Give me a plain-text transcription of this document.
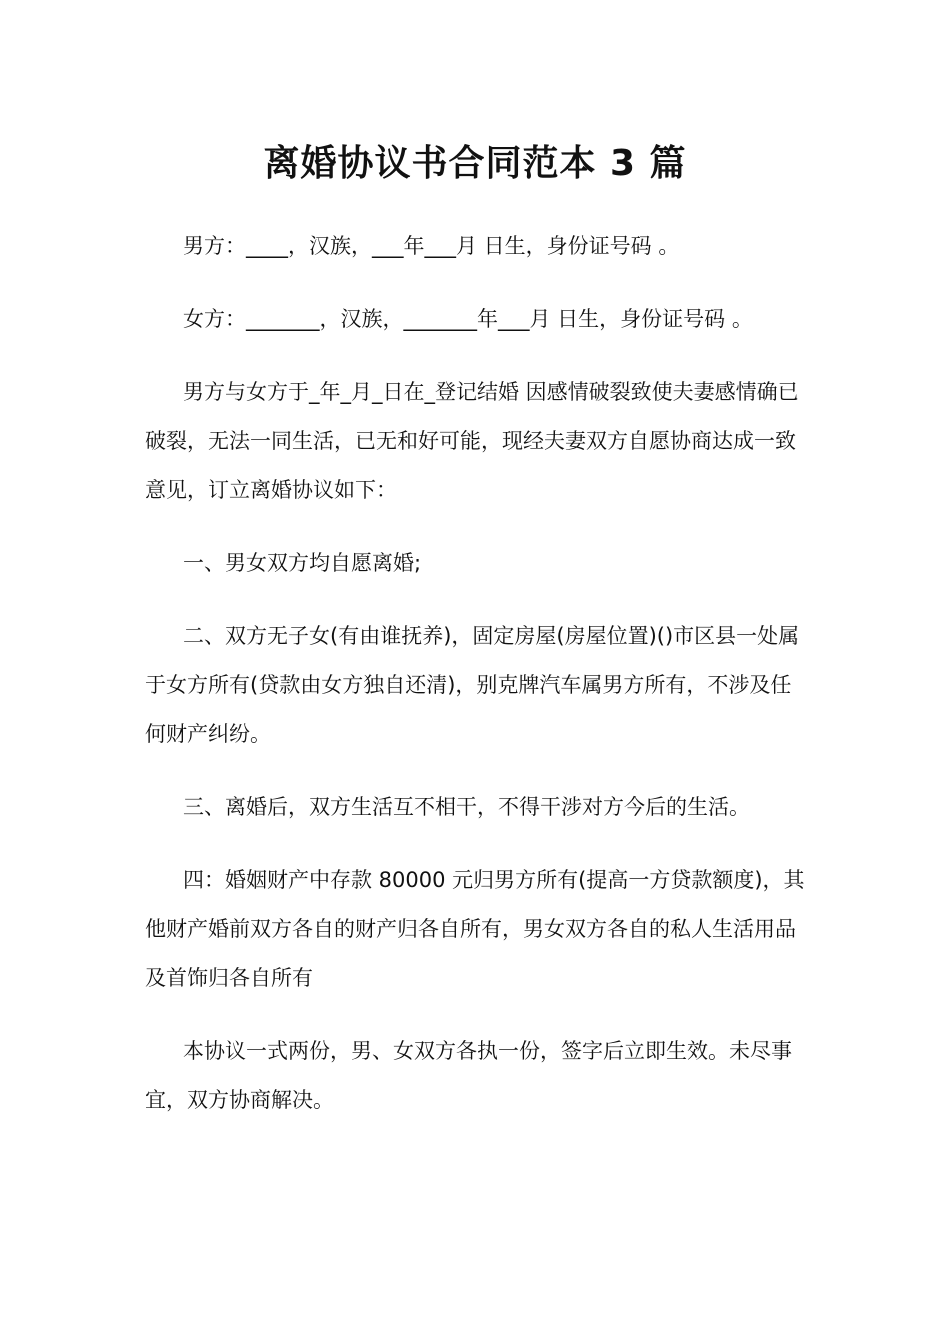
离婚协议书合同范本 3 篇

男方：____，汉族，___年___月 日生，身份证号码 。

女方：_______，汉族，_______年___月 日生，身份证号码 。

男方与女方于_年_月_日在_登记结婚 因感情破裂致使夫妻感情确已破裂，无法一同生活，已无和好可能，现经夫妻双方自愿协商达成一致意见，订立离婚协议如下：

一、男女双方均自愿离婚;

二、双方无子女(有由谁抚养)，固定房屋(房屋位置)()市区县一处属于女方所有(贷款由女方独自还清)，别克牌汽车属男方所有，不涉及任何财产纠纷。

三、离婚后，双方生活互不相干，不得干涉对方今后的生活。

四：婚姻财产中存款 80000 元归男方所有(提高一方贷款额度)，其他财产婚前双方各自的财产归各自所有，男女双方各自的私人生活用品及首饰归各自所有

本协议一式两份，男、女双方各执一份，签字后立即生效。未尽事宜，双方协商解决。
